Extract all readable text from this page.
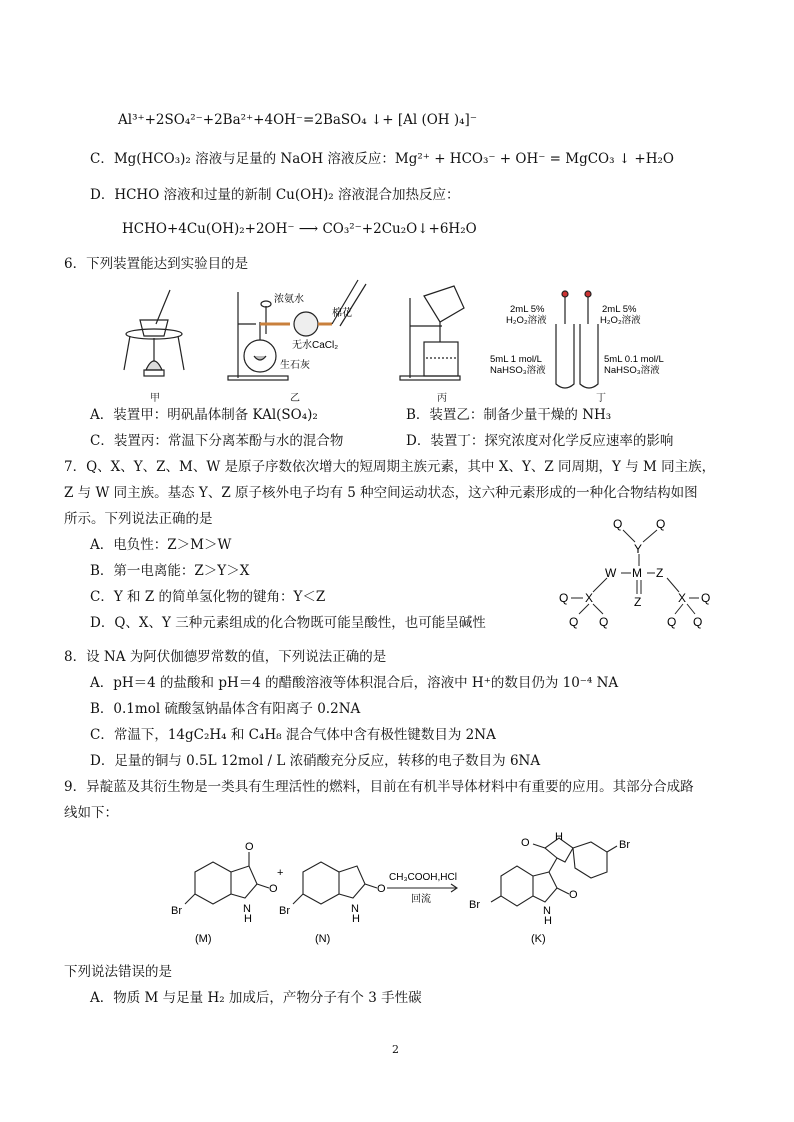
Al³⁺+2SO₄²⁻+2Ba²⁺+4OH⁻=2BaSO₄ ↓+ [Al (OH )₄]⁻
C．Mg(HCO₃)₂ 溶液与足量的 NaOH 溶液反应：Mg²⁺ + HCO₃⁻ + OH⁻ = MgCO₃ ↓ +H₂O
D．HCHO 溶液和过量的新制 Cu(OH)₂ 溶液混合加热反应：
HCHO+4Cu(OH)₂+2OH⁻ ⟶ CO₃²⁻+2Cu₂O↓+6H₂O
6．下列装置能达到实验目的是
浓氨水
棉花
无水CaCl₂
生石灰
2mL 5%
H₂O₂溶液
2mL 5%
H₂O₂溶液
5mL 1 mol/L
NaHSO₃溶液
5mL 0.1 mol/L
NaHSO₃溶液
甲	乙	丙	丁
A．装置甲：明矾晶体制备 KAl(SO₄)₂	B．装置乙：制备少量干燥的 NH₃
C．装置丙：常温下分离苯酚与水的混合物	D．装置丁：探究浓度对化学反应速率的影响
7．Q、X、Y、Z、M、W 是原子序数依次增大的短周期主族元素，其中 X、Y、Z 同周期，Y 与 M 同主族，
Z 与 W 同主族。基态 Y、Z 原子核外电子均有 5 种空间运动状态，这六种元素形成的一种化合物结构如图
所示。下列说法正确的是
A．电负性：Z＞M＞W
B．第一电离能：Z＞Y＞X
C．Y 和 Z 的简单氢化物的键角：Y＜Z
D．Q、X、Y 三种元素组成的化合物既可能呈酸性，也可能呈碱性
Q	Q
Y
W M Z
Z
Q X
Q Q
X Q
Q Q
8．设 NA 为阿伏伽德罗常数的值，下列说法正确的是
A．pH＝4 的盐酸和 pH＝4 的醋酸溶液等体积混合后，溶液中 H⁺的数目仍为 10⁻⁴ NA
B．0.1mol 硫酸氢钠晶体含有阳离子 0.2NA
C．常温下，14gC₂H₄ 和 C₄H₈ 混合气体中含有极性键数目为 2NA
D．足量的铜与 0.5L 12mol / L 浓硝酸充分反应，转移的电子数目为 6NA
9．异靛蓝及其衍生物是一类具有生理活性的燃料，目前在有机半导体材料中有重要的应用。其部分合成路
线如下：
O
O
N
H
Br
+
O
N
H
Br
CH₃COOH,HCl
回流
O
O
N
H
H
Br
Br
(M)	(N)	(K)
下列说法错误的是
A．物质 M 与足量 H₂ 加成后，产物分子有个 3 手性碳
2
